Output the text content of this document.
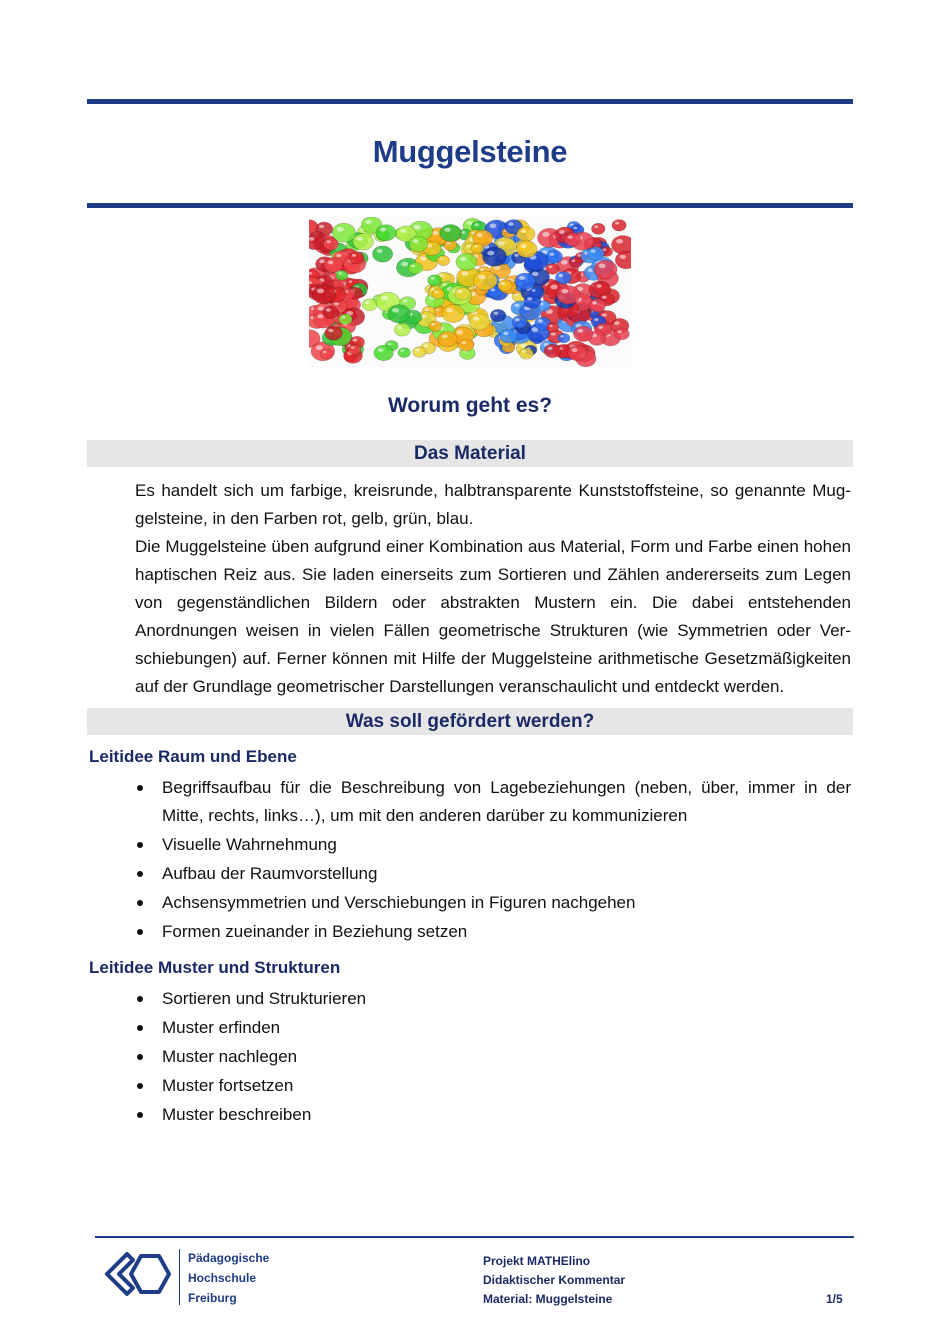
Muggelsteine
Worum geht es?
Das Material

Es handelt sich um farbige, kreisrunde, halbtransparente Kunststoffsteine, so genannte Muggelsteine, in den Farben rot, gelb, grün, blau.

Die Muggelsteine üben aufgrund einer Kombination aus Material, Form und Farbe einen hohen haptischen Reiz aus. Sie laden einerseits zum Sortieren und Zählen andererseits zum Legen von gegenständlichen Bildern oder abstrakten Mustern ein. Die dabei entstehenden Anordnungen weisen in vielen Fällen geometrische Strukturen (wie Symmetrien oder Verschiebungen) auf. Ferner können mit Hilfe der Muggelsteine arithmetische Gesetzmäßigkeiten auf der Grundlage geometrischer Darstellungen veranschaulicht und entdeckt werden.

Was soll gefördert werden?
Leitidee Raum und Ebene
Begriffsaufbau für die Beschreibung von Lagebeziehungen (neben, über, immer in der Mitte, rechts, links…), um mit den anderen darüber zu kommunizieren
Visuelle Wahrnehmung
Aufbau der Raumvorstellung
Achsensymmetrien und Verschiebungen in Figuren nachgehen
Formen zueinander in Beziehung setzen
Leitidee Muster und Strukturen
Sortieren und Strukturieren
Muster erfinden
Muster nachlegen
Muster fortsetzen
Muster beschreiben
Pädagogische
Hochschule
Freiburg
Projekt MATHElino
Didaktischer Kommentar
Material: Muggelsteine	1/5
